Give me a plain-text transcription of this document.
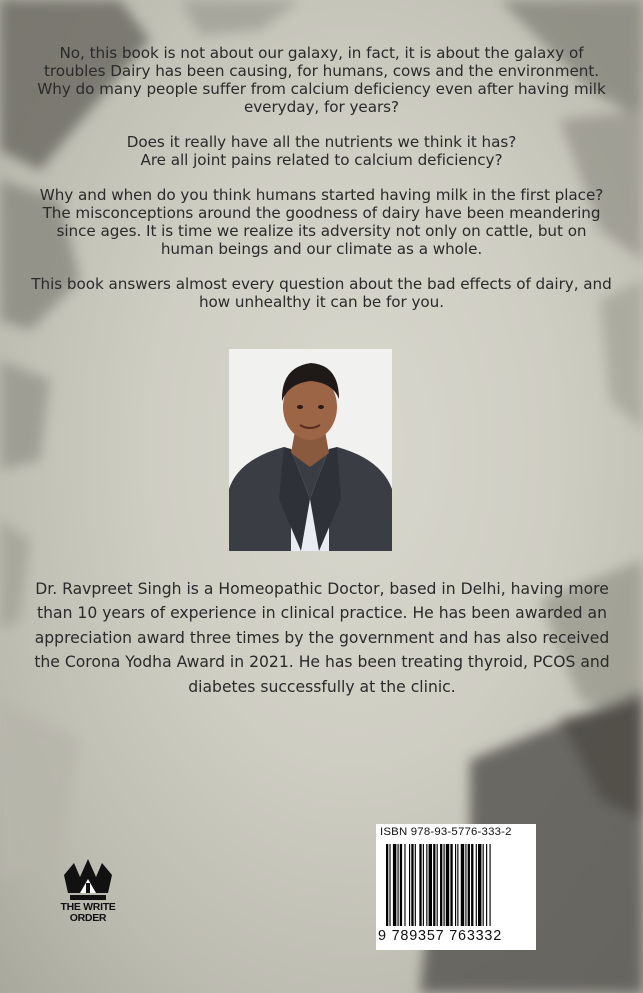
No, this book is not about our galaxy, in fact, it is about the galaxy of troubles Dairy has been causing, for humans, cows and the environment. Why do many people suffer from calcium deficiency even after having milk everyday, for years?

Does it really have all the nutrients we think it has?
Are all joint pains related to calcium deficiency?

Why and when do you think humans started having milk in the first place? The misconceptions around the goodness of dairy have been meandering since ages. It is time we realize its adversity not only on cattle, but on human beings and our climate as a whole.

This book answers almost every question about the bad effects of dairy, and how unhealthy it can be for you.

Dr. Ravpreet Singh is a Homeopathic Doctor, based in Delhi, having more than 10 years of experience in clinical practice. He has been awarded an appreciation award three times by the government and has also received the Corona Yodha Award in 2021. He has been treating thyroid, PCOS and diabetes successfully at the clinic.
THE WRITE
ORDER
ISBN 978-93-5776-333-2
9 789357 763332
